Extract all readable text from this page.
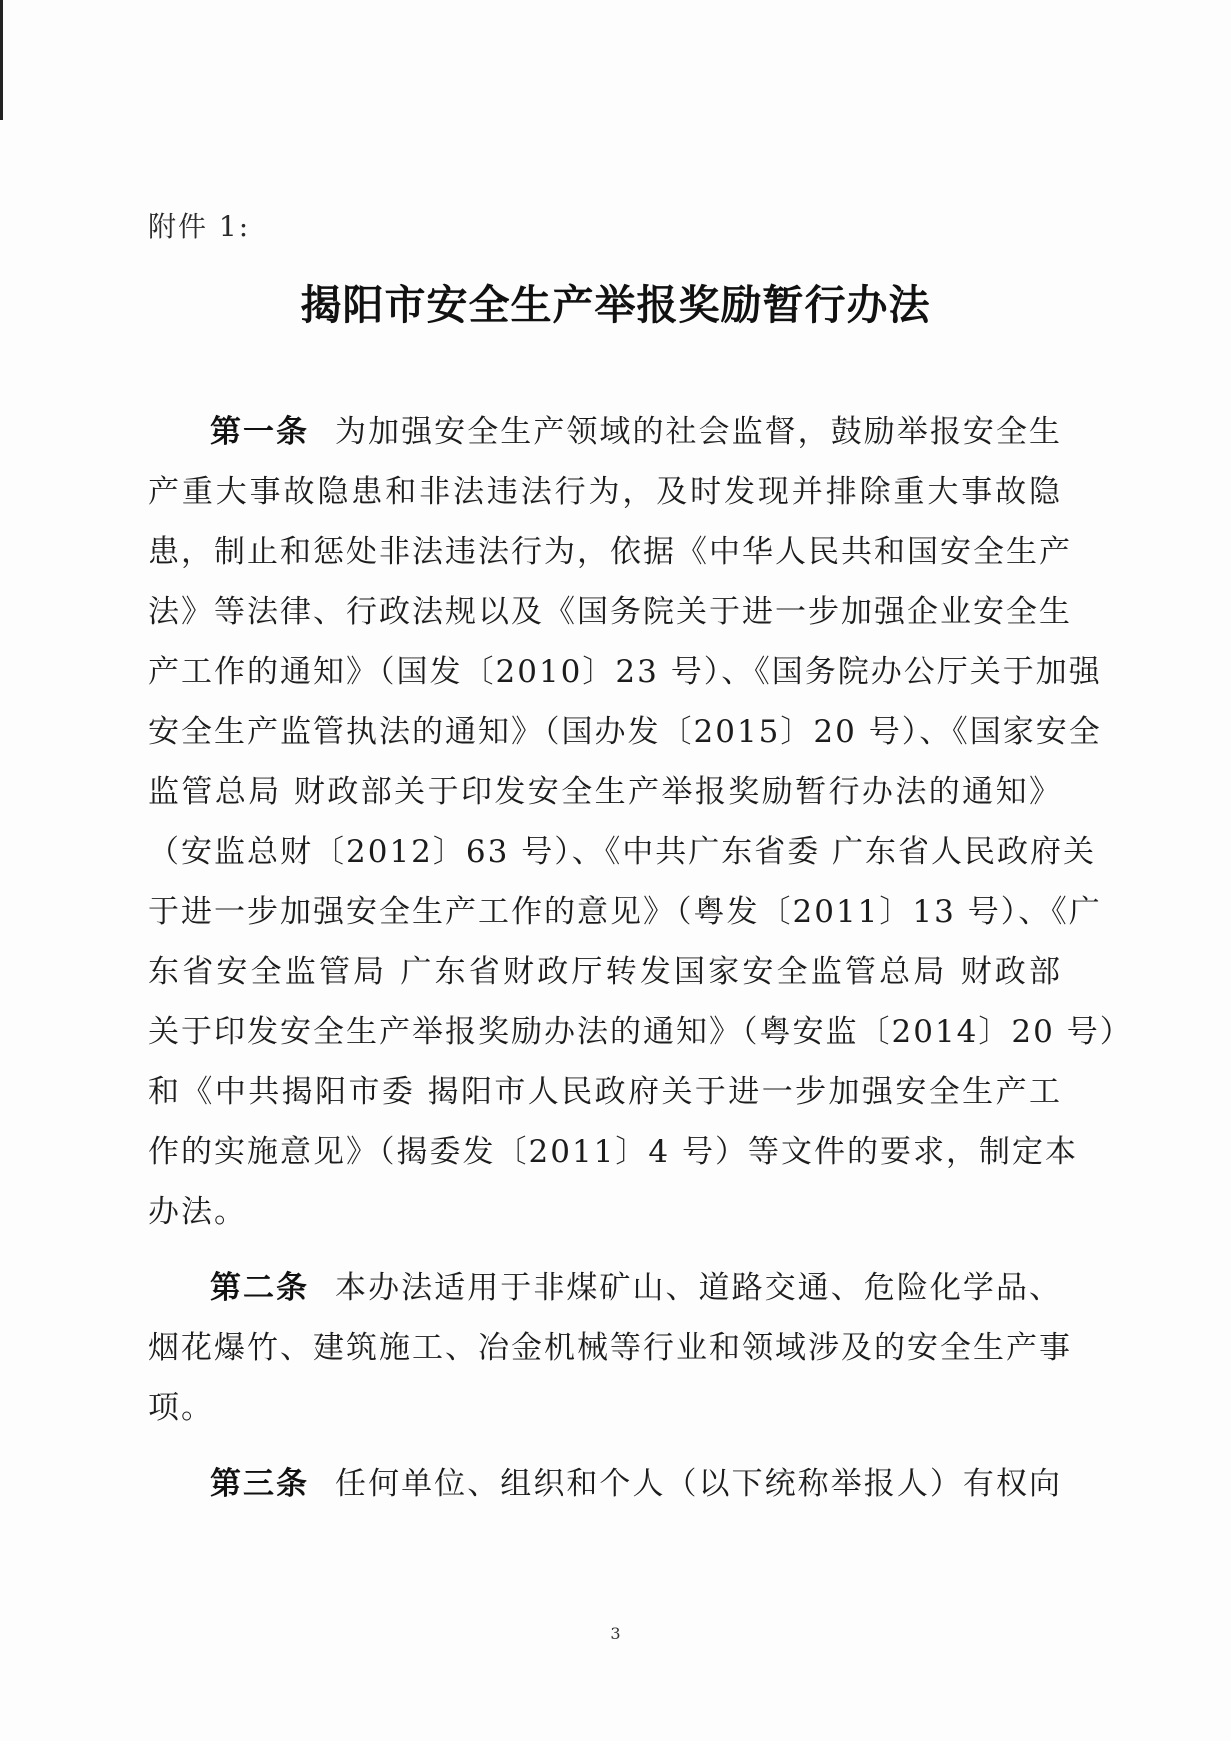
附件 1:
揭阳市安全生产举报奖励暂行办法
第一条 为加强安全生产领域的社会监督，鼓励举报安全生
产重大事故隐患和非法违法行为，及时发现并排除重大事故隐
患，制止和惩处非法违法行为，依据《中华人民共和国安全生产
法》等法律、行政法规以及《国务院关于进一步加强企业安全生
产工作的通知》（国发〔2010〕23 号）、《国务院办公厅关于加强
安全生产监管执法的通知》（国办发〔2015〕20 号）、《国家安全
监管总局 财政部关于印发安全生产举报奖励暂行办法的通知》
（安监总财〔2012〕63 号）、《中共广东省委 广东省人民政府关
于进一步加强安全生产工作的意见》（粤发〔2011〕13 号）、《广
东省安全监管局 广东省财政厅转发国家安全监管总局 财政部
关于印发安全生产举报奖励办法的通知》（粤安监〔2014〕20 号）
和《中共揭阳市委 揭阳市人民政府关于进一步加强安全生产工
作的实施意见》（揭委发〔2011〕4 号）等文件的要求，制定本
办法。
第二条 本办法适用于非煤矿山、道路交通、危险化学品、
烟花爆竹、建筑施工、冶金机械等行业和领域涉及的安全生产事
项。
第三条 任何单位、组织和个人（以下统称举报人）有权向
3
